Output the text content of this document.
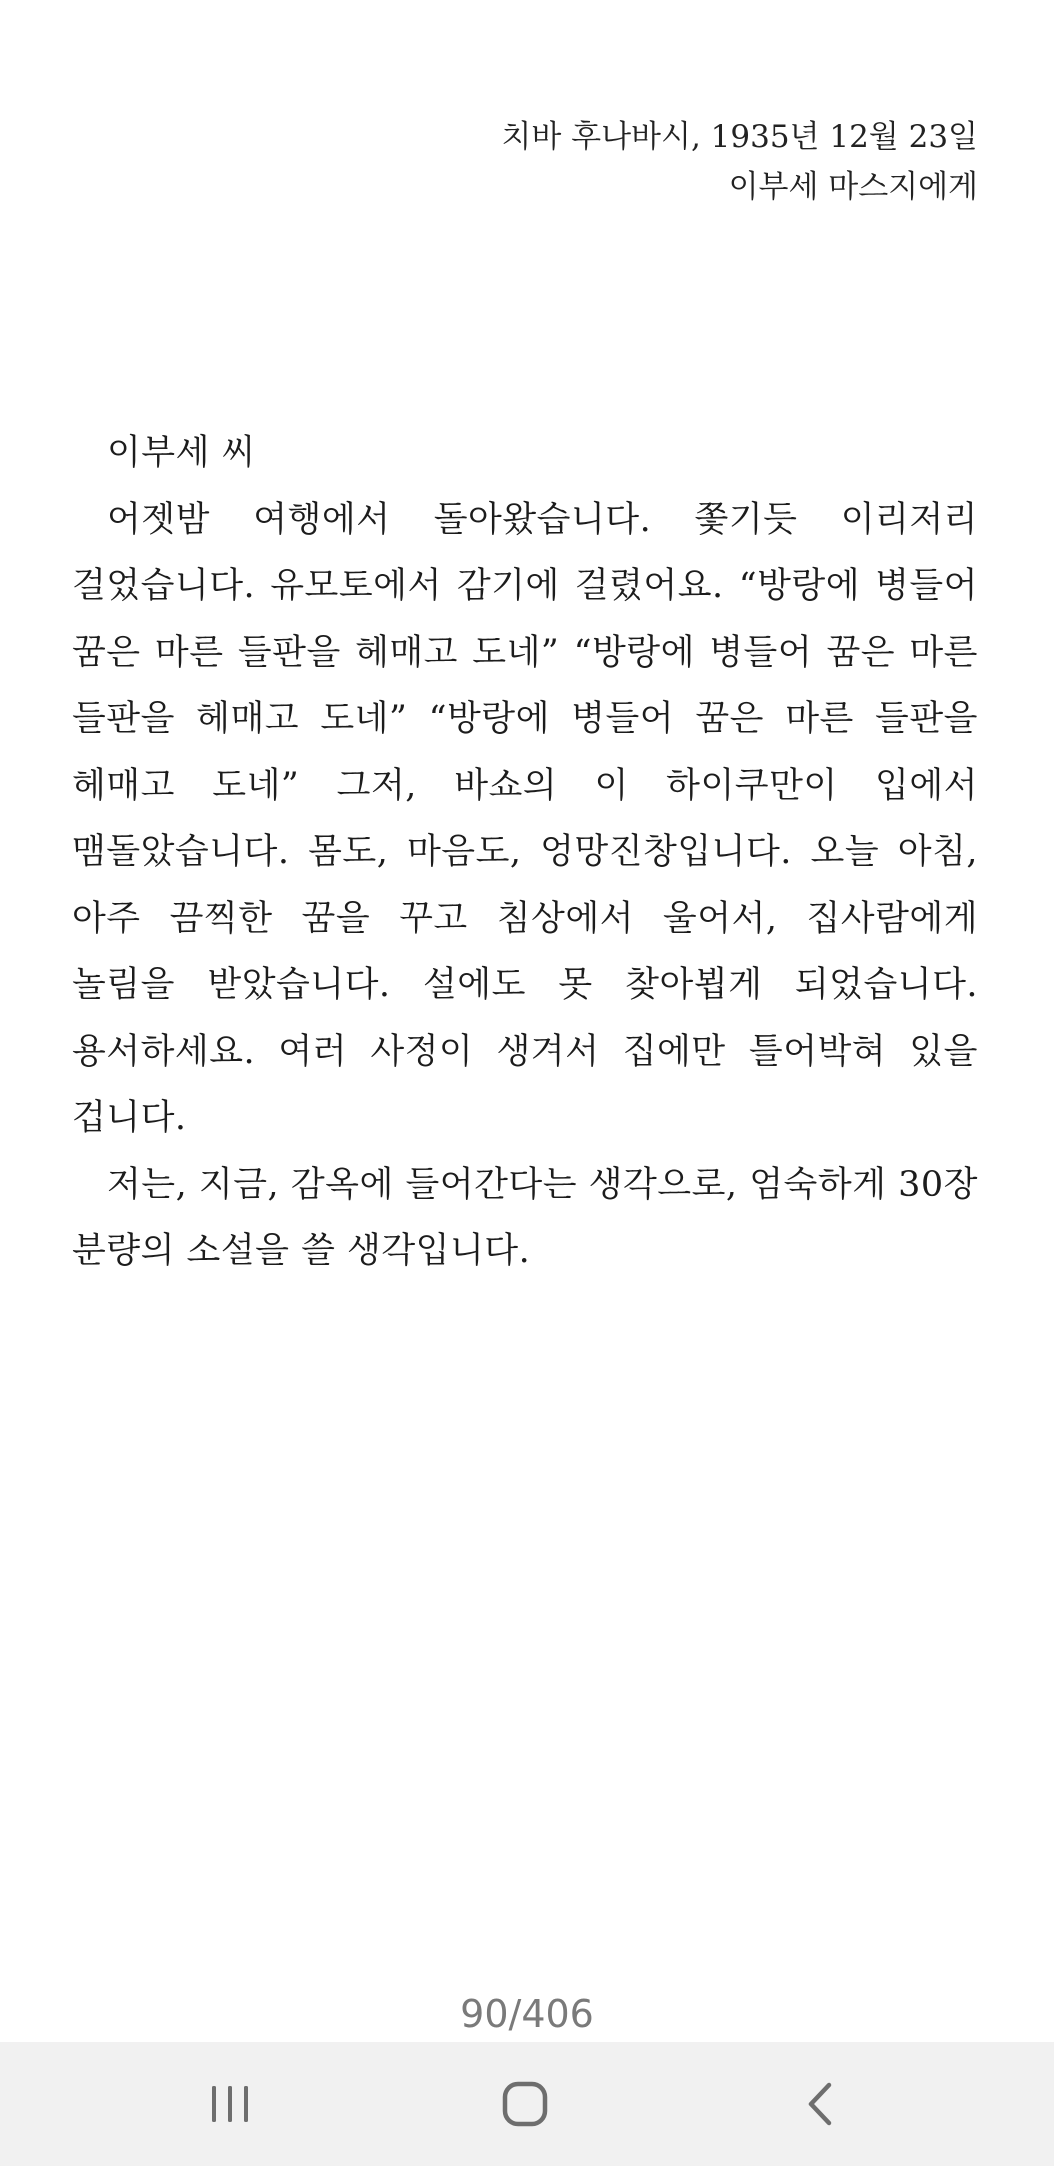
치바 후나바시, 1935년 12월 23일
이부세 마스지에게

이부세 씨

어젯밤 여행에서 돌아왔습니다. 쫓기듯 이리저리 걸었습니다. 유모토에서 감기에 걸렸어요. “방랑에 병들어 꿈은 마른 들판을 헤매고 도네” “방랑에 병들어 꿈은 마른 들판을 헤매고 도네” “방랑에 병들어 꿈은 마른 들판을 헤매고 도네” 그저, 바쇼의 이 하이쿠만이 입에서 맴돌았습니다. 몸도, 마음도, 엉망진창입니다. 오늘 아침, 아주 끔찍한 꿈을 꾸고 침상에서 울어서, 집사람에게 놀림을 받았습니다. 설에도 못 찾아뵙게 되었습니다. 용서하세요. 여러 사정이 생겨서 집에만 틀어박혀 있을 겁니다.

저는, 지금, 감옥에 들어간다는 생각으로, 엄숙하게 30장 분량의 소설을 쓸 생각입니다.

90/406
